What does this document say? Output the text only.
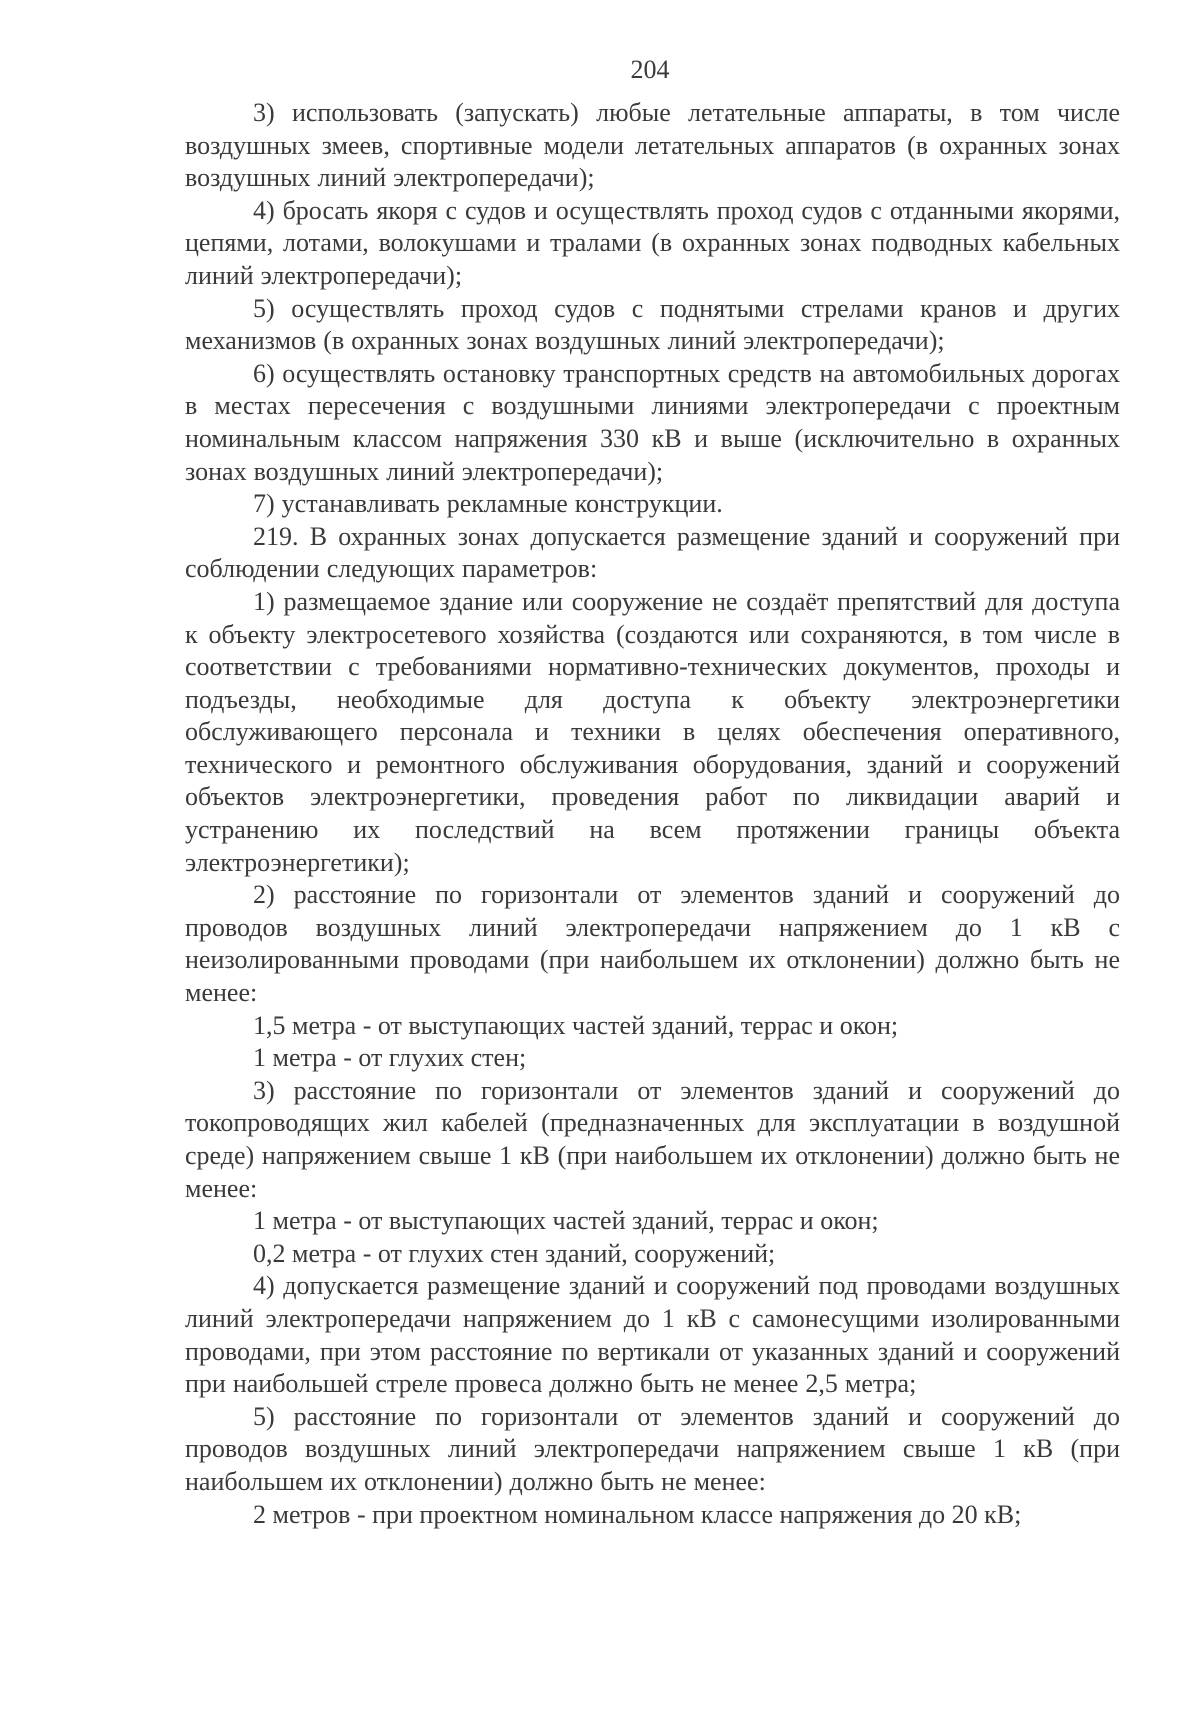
204

3) использовать (запускать) любые летательные аппараты, в том числе воздушных змеев, спортивные модели летательных аппаратов (в охранных зонах воздушных линий электропередачи);

4) бросать якоря с судов и осуществлять проход судов с отданными якорями, цепями, лотами, волокушами и тралами (в охранных зонах подводных кабельных линий электропередачи);

5) осуществлять проход судов с поднятыми стрелами кранов и других механизмов (в охранных зонах воздушных линий электропередачи);

6) осуществлять остановку транспортных средств на автомобильных дорогах в местах пересечения с воздушными линиями электропередачи с проектным номинальным классом напряжения 330 кВ и выше (исключительно в охранных зонах воздушных линий электропередачи);

7) устанавливать рекламные конструкции.

219. В охранных зонах допускается размещение зданий и сооружений при соблюдении следующих параметров:

1) размещаемое здание или сооружение не создаёт препятствий для доступа к объекту электросетевого хозяйства (создаются или сохраняются, в том числе в соответствии с требованиями нормативно-технических документов, проходы и подъезды, необходимые для доступа к объекту электроэнергетики обслуживающего персонала и техники в целях обеспечения оперативного, технического и ремонтного обслуживания оборудования, зданий и сооружений объектов электроэнергетики, проведения работ по ликвидации аварий и устранению их последствий на всем протяжении границы объекта электроэнергетики);

2) расстояние по горизонтали от элементов зданий и сооружений до проводов воздушных линий электропередачи напряжением до 1 кВ с неизолированными проводами (при наибольшем их отклонении) должно быть не менее:

1,5 метра - от выступающих частей зданий, террас и окон;

1 метра - от глухих стен;

3) расстояние по горизонтали от элементов зданий и сооружений до токопроводящих жил кабелей (предназначенных для эксплуатации в воздушной среде) напряжением свыше 1 кВ (при наибольшем их отклонении) должно быть не менее:

1 метра - от выступающих частей зданий, террас и окон;

0,2 метра - от глухих стен зданий, сооружений;

4) допускается размещение зданий и сооружений под проводами воздушных линий электропередачи напряжением до 1 кВ с самонесущими изолированными проводами, при этом расстояние по вертикали от указанных зданий и сооружений при наибольшей стреле провеса должно быть не менее 2,5 метра;

5) расстояние по горизонтали от элементов зданий и сооружений до проводов воздушных линий электропередачи напряжением свыше 1 кВ (при наибольшем их отклонении) должно быть не менее:

2 метров - при проектном номинальном классе напряжения до 20 кВ;
